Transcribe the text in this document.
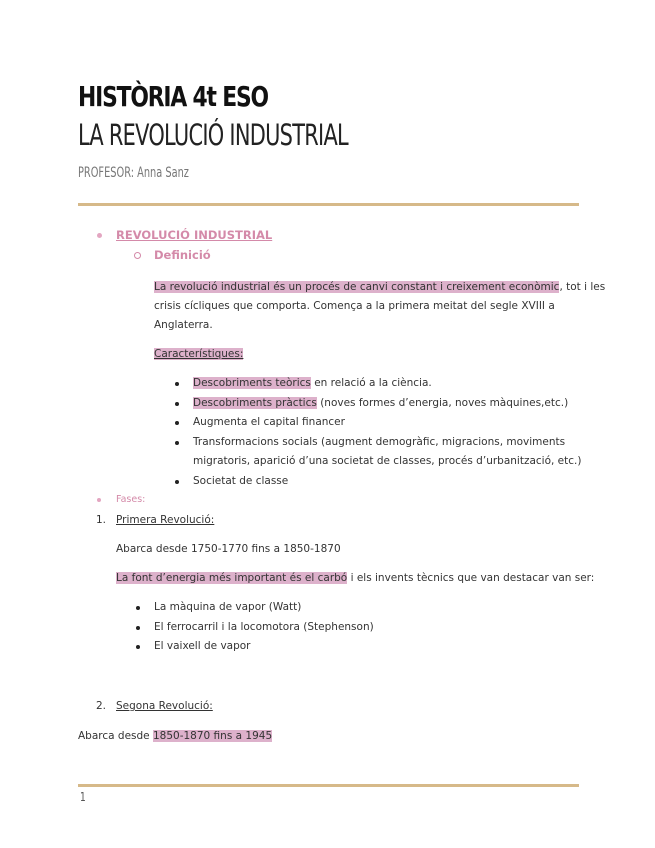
HISTÒRIA 4t ESO
LA REVOLUCIÓ INDUSTRIAL
PROFESOR: Anna Sanz
REVOLUCIÓ INDUSTRIAL
Definició
La revolució industrial és un procés de canvi constant i creixement econòmic, tot i les
crisis cícliques que comporta. Comença a la primera meitat del segle XVIII a
Anglaterra.
Característiques:
Descobriments teòrics en relació a la ciència.
Descobriments pràctics (noves formes d’energia, noves màquines,etc.)
Augmenta el capital financer
Transformacions socials (augment demogràfic, migracions, moviments
migratoris, aparició d’una societat de classes, procés d’urbanització, etc.)
Societat de classe
Fases:
1. Primera Revolució:
Abarca desde 1750-1770 fins a 1850-1870
La font d’energia més important és el carbó i els invents tècnics que van destacar van ser:
La màquina de vapor (Watt)
El ferrocarril i la locomotora (Stephenson)
El vaixell de vapor
2. Segona Revolució:
Abarca desde 1850-1870 fins a 1945
1
